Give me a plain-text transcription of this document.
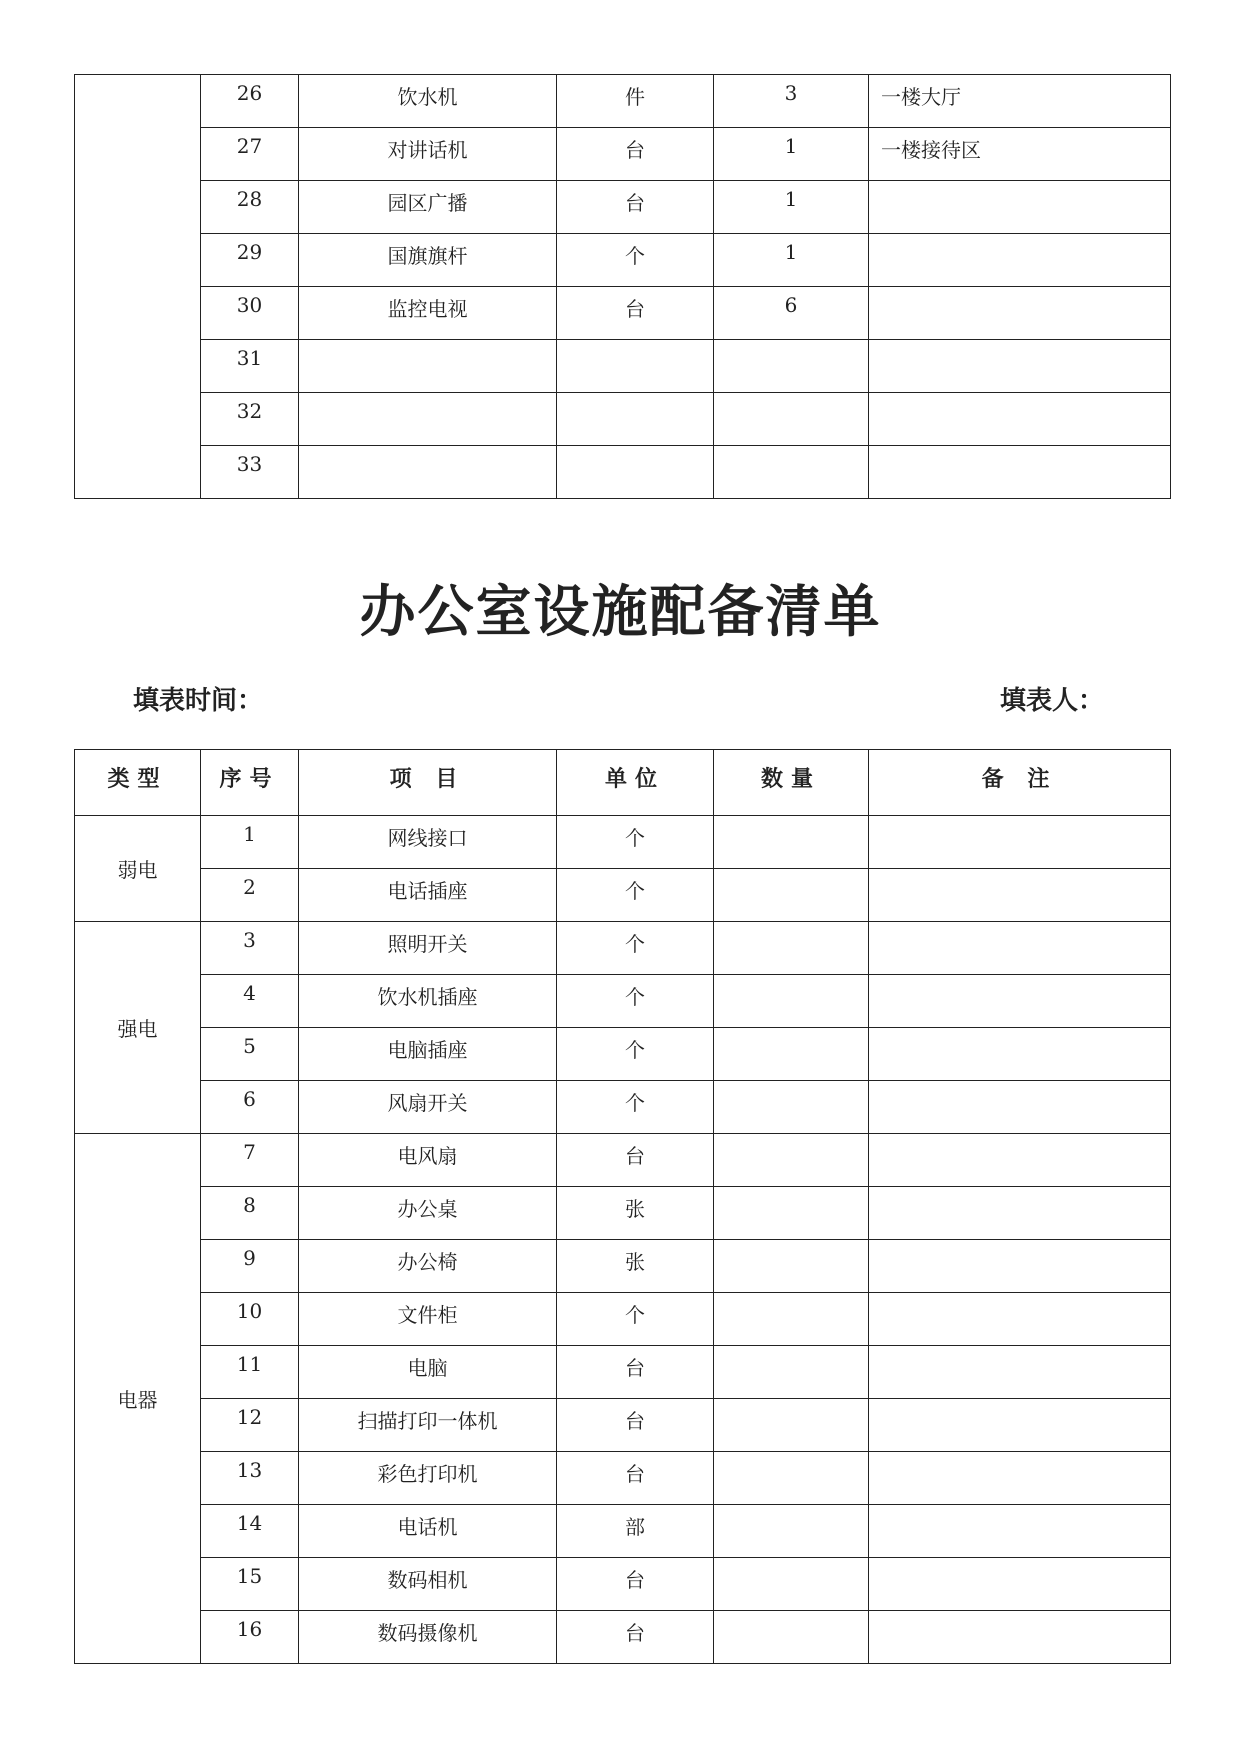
	26	饮水机	件	3	一楼大厅
	27	对讲话机	台	1	一楼接待区
	28	园区广播	台	1	
	29	国旗旗杆	个	1	
	30	监控电视	台	6	
	31				
	32				
	33				
办公室设施配备清单
填表时间：	填表人：
类型	序号	项 目	单位	数量	备 注
弱电	1	网线接口	个		
	2	电话插座	个		
强电	3	照明开关	个		
	4	饮水机插座	个		
	5	电脑插座	个		
	6	风扇开关	个		
电器	7	电风扇	台		
	8	办公桌	张		
	9	办公椅	张		
	10	文件柜	个		
	11	电脑	台		
	12	扫描打印一体机	台		
	13	彩色打印机	台		
	14	电话机	部		
	15	数码相机	台		
	16	数码摄像机	台		
